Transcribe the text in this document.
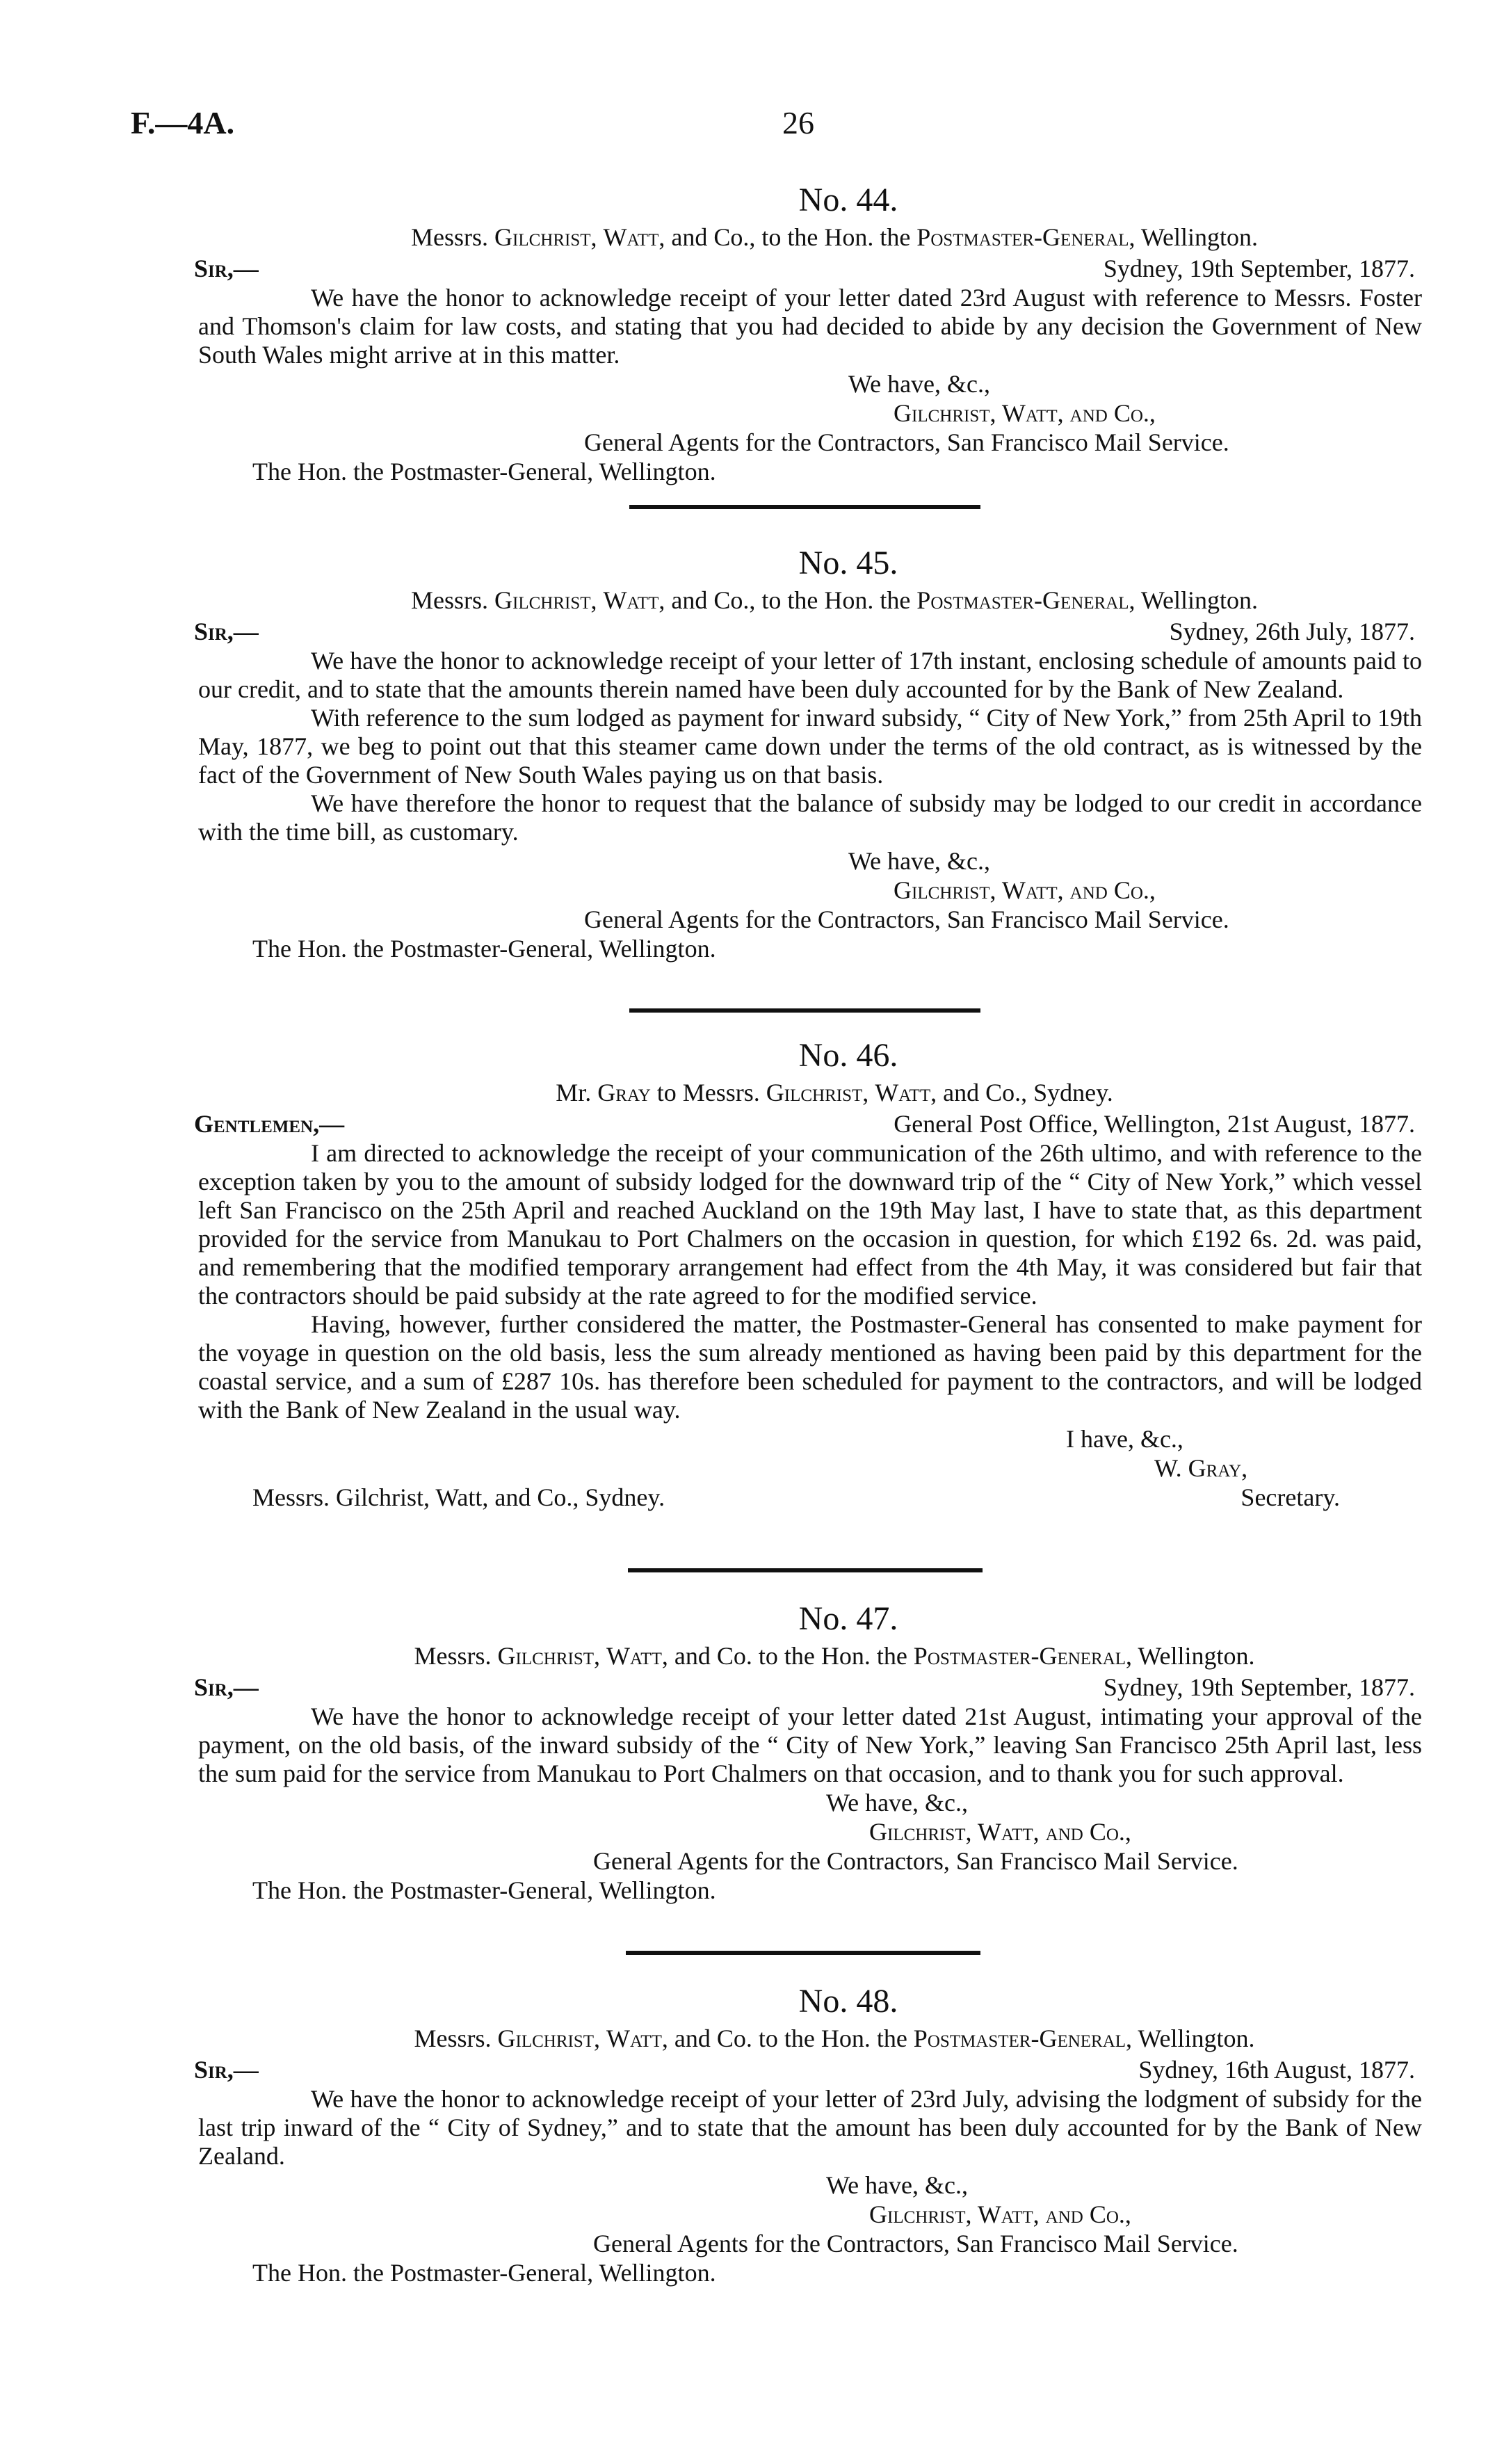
F.—4A.	26
No. 44.
Messrs. Gilchrist, Watt, and Co., to the Hon. the Postmaster-General, Wellington.
Sir,—	Sydney, 19th September, 1877.

We have the honor to acknowledge receipt of your letter dated 23rd August with reference to Messrs. Foster and Thomson's claim for law costs, and stating that you had decided to abide by any decision the Government of New South Wales might arrive at in this matter.

We have, &c.,
Gilchrist, Watt, and Co.,
General Agents for the Contractors, San Francisco Mail Service.
The Hon. the Postmaster-General, Wellington.
No. 45.
Messrs. Gilchrist, Watt, and Co., to the Hon. the Postmaster-General, Wellington.
Sir,—	Sydney, 26th July, 1877.

We have the honor to acknowledge receipt of your letter of 17th instant, enclosing schedule of amounts paid to our credit, and to state that the amounts therein named have been duly accounted for by the Bank of New Zealand.

With reference to the sum lodged as payment for inward subsidy, “ City of New York,” from 25th April to 19th May, 1877, we beg to point out that this steamer came down under the terms of the old contract, as is witnessed by the fact of the Government of New South Wales paying us on that basis.

We have therefore the honor to request that the balance of subsidy may be lodged to our credit in accordance with the time bill, as customary.

We have, &c.,
Gilchrist, Watt, and Co.,
General Agents for the Contractors, San Francisco Mail Service.
The Hon. the Postmaster-General, Wellington.
No. 46.
Mr. Gray to Messrs. Gilchrist, Watt, and Co., Sydney.
Gentlemen,—	General Post Office, Wellington, 21st August, 1877.

I am directed to acknowledge the receipt of your communication of the 26th ultimo, and with reference to the exception taken by you to the amount of subsidy lodged for the downward trip of the “ City of New York,” which vessel left San Francisco on the 25th April and reached Auckland on the 19th May last, I have to state that, as this department provided for the service from Manukau to Port Chalmers on the occasion in question, for which £192 6s. 2d. was paid, and remembering that the modified temporary arrangement had effect from the 4th May, it was considered but fair that the contractors should be paid subsidy at the rate agreed to for the modified service.

Having, however, further considered the matter, the Postmaster-General has consented to make payment for the voyage in question on the old basis, less the sum already mentioned as having been paid by this department for the coastal service, and a sum of £287 10s. has therefore been scheduled for payment to the contractors, and will be lodged with the Bank of New Zealand in the usual way.

I have, &c.,
W. Gray,
Messrs. Gilchrist, Watt, and Co., Sydney.	Secretary.
No. 47.
Messrs. Gilchrist, Watt, and Co. to the Hon. the Postmaster-General, Wellington.
Sir,—	Sydney, 19th September, 1877.

We have the honor to acknowledge receipt of your letter dated 21st August, intimating your approval of the payment, on the old basis, of the inward subsidy of the “ City of New York,” leaving San Francisco 25th April last, less the sum paid for the service from Manukau to Port Chalmers on that occasion, and to thank you for such approval.

We have, &c.,
Gilchrist, Watt, and Co.,
General Agents for the Contractors, San Francisco Mail Service.
The Hon. the Postmaster-General, Wellington.
No. 48.
Messrs. Gilchrist, Watt, and Co. to the Hon. the Postmaster-General, Wellington.
Sir,—	Sydney, 16th August, 1877.

We have the honor to acknowledge receipt of your letter of 23rd July, advising the lodgment of subsidy for the last trip inward of the “ City of Sydney,” and to state that the amount has been duly accounted for by the Bank of New Zealand.

We have, &c.,
Gilchrist, Watt, and Co.,
General Agents for the Contractors, San Francisco Mail Service.
The Hon. the Postmaster-General, Wellington.
